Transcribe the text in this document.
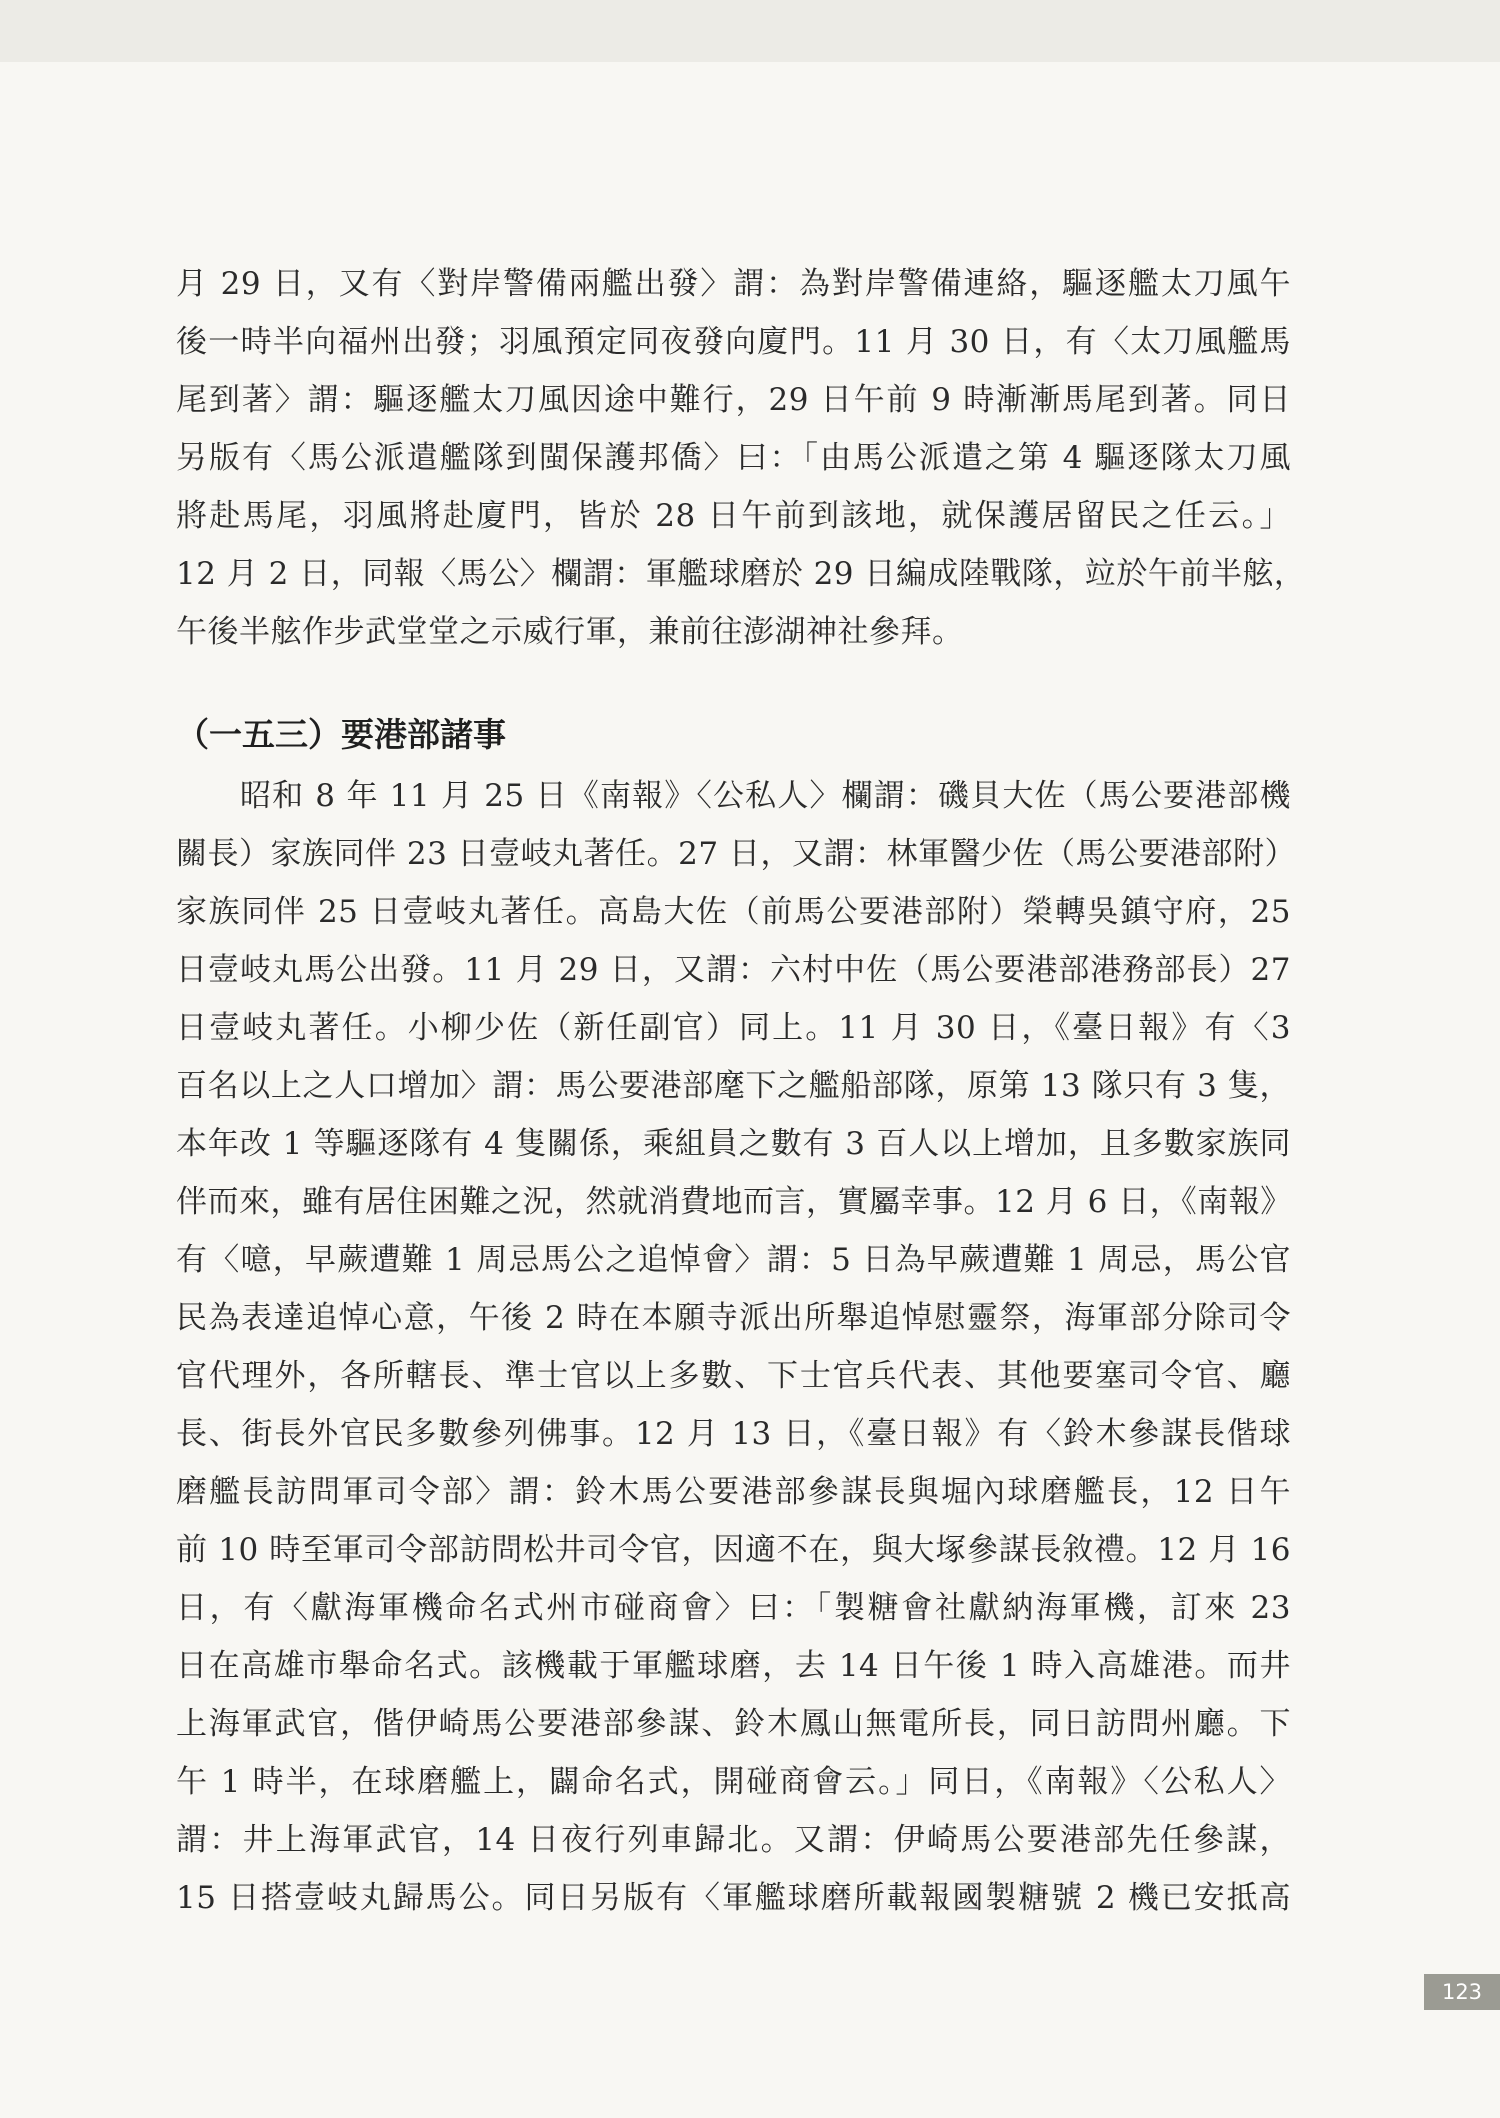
月 29 日，又有〈對岸警備兩艦出發〉謂：為對岸警備連絡，驅逐艦太刀風午
後一時半向福州出發；羽風預定同夜發向廈門。11 月 30 日，有〈太刀風艦馬
尾到著〉謂：驅逐艦太刀風因途中難行，29 日午前 9 時漸漸馬尾到著。同日
另版有〈馬公派遣艦隊到閩保護邦僑〉曰：「由馬公派遣之第 4 驅逐隊太刀風
將赴馬尾，羽風將赴廈門，皆於 28 日午前到該地，就保護居留民之任云。」
12 月 2 日，同報〈馬公〉欄謂：軍艦球磨於 29 日編成陸戰隊，竝於午前半舷，
午後半舷作步武堂堂之示威行軍，兼前往澎湖神社參拜。
（一五三）要港部諸事
昭和 8 年 11 月 25 日《南報》〈公私人〉欄謂：磯貝大佐（馬公要港部機
關長）家族同伴 23 日壹岐丸著任。27 日，又謂：林軍醫少佐（馬公要港部附）
家族同伴 25 日壹岐丸著任。高島大佐（前馬公要港部附）榮轉吳鎮守府，25
日壹岐丸馬公出發。11 月 29 日，又謂：六村中佐（馬公要港部港務部長）27
日壹岐丸著任。小柳少佐（新任副官）同上。11 月 30 日，《臺日報》有〈3
百名以上之人口增加〉謂：馬公要港部麾下之艦船部隊，原第 13 隊只有 3 隻，
本年改 1 等驅逐隊有 4 隻關係，乘組員之數有 3 百人以上增加，且多數家族同
伴而來，雖有居住困難之況，然就消費地而言，實屬幸事。12 月 6 日，《南報》
有〈噫，早蕨遭難 1 周忌馬公之追悼會〉謂：5 日為早蕨遭難 1 周忌，馬公官
民為表達追悼心意，午後 2 時在本願寺派出所舉追悼慰靈祭，海軍部分除司令
官代理外，各所轄長、準士官以上多數、下士官兵代表、其他要塞司令官、廳
長、街長外官民多數參列佛事。12 月 13 日，《臺日報》有〈鈴木參謀長偕球
磨艦長訪問軍司令部〉謂：鈴木馬公要港部參謀長與堀內球磨艦長，12 日午
前 10 時至軍司令部訪問松井司令官，因適不在，與大塚參謀長敘禮。12 月 16
日，有〈獻海軍機命名式州市碰商會〉曰：「製糖會社獻納海軍機，訂來 23
日在高雄市舉命名式。該機載于軍艦球磨，去 14 日午後 1 時入高雄港。而井
上海軍武官，偕伊崎馬公要港部參謀、鈴木鳳山無電所長，同日訪問州廳。下
午 1 時半，在球磨艦上，闢命名式，開碰商會云。」同日，《南報》〈公私人〉
謂：井上海軍武官，14 日夜行列車歸北。又謂：伊崎馬公要港部先任參謀，
15 日搭壹岐丸歸馬公。同日另版有〈軍艦球磨所載報國製糖號 2 機已安抵高
123
